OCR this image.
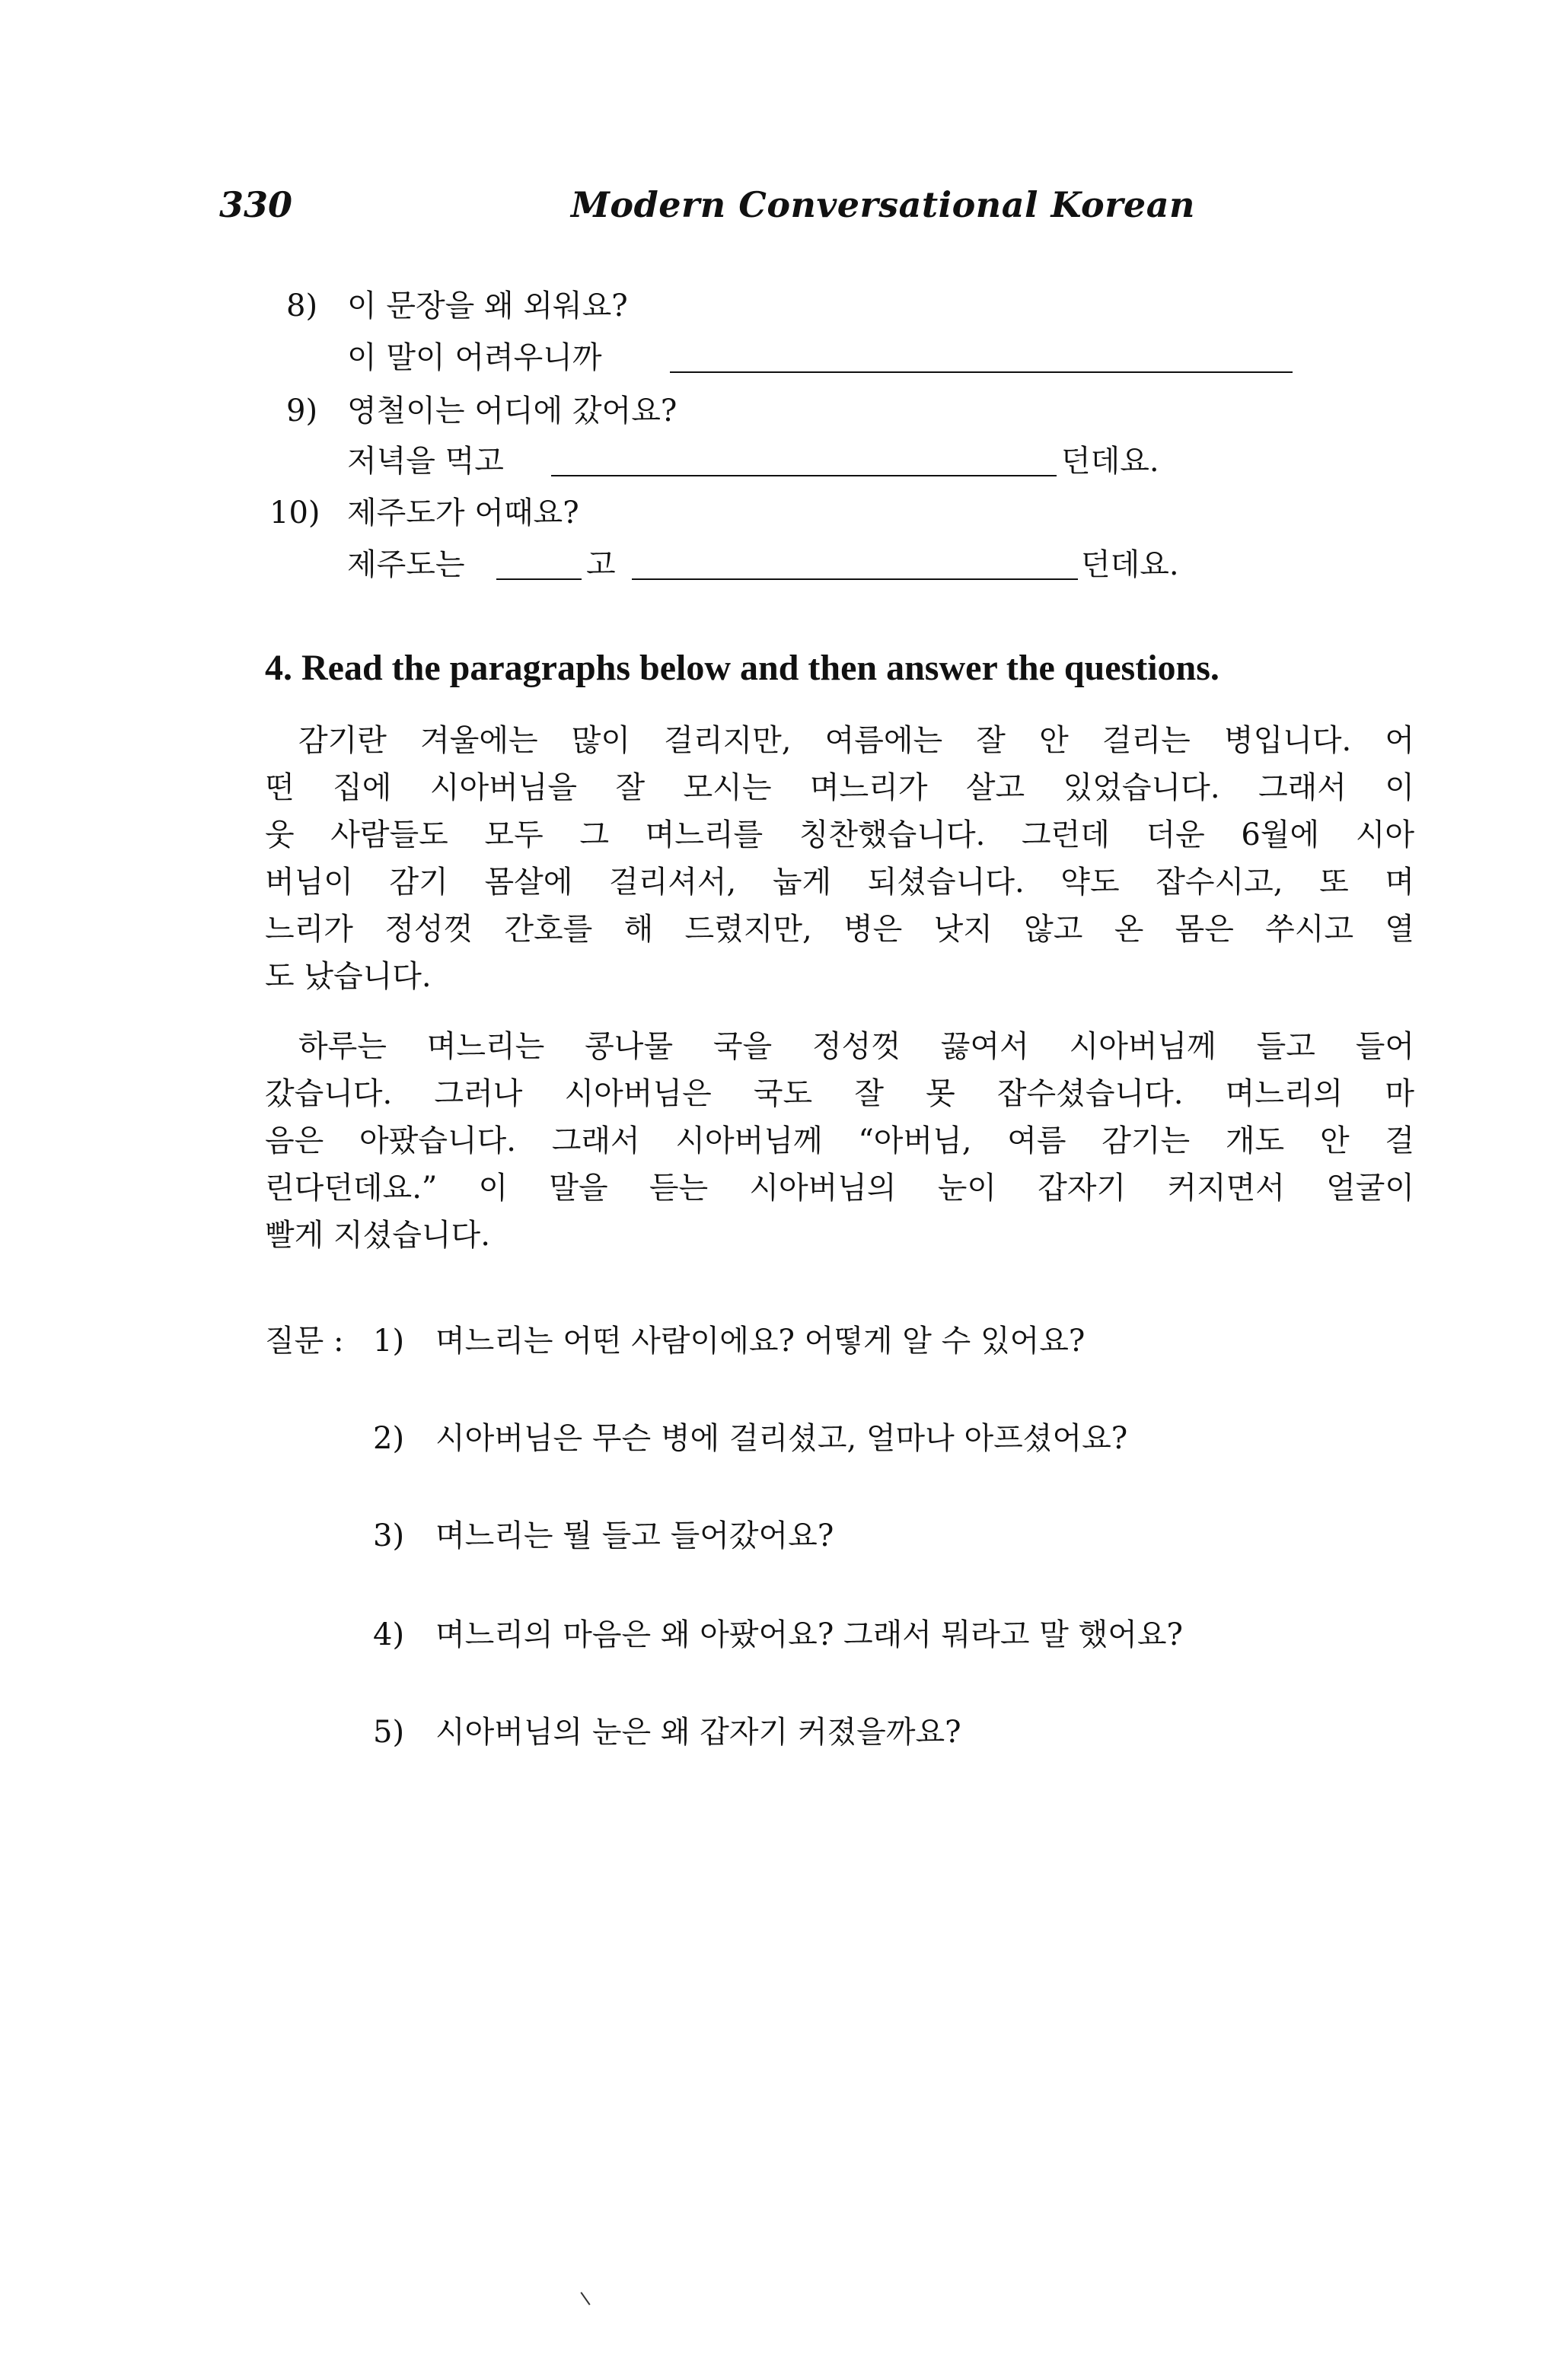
330	Modern Conversational Korean
8) 이 문장을 왜 외워요?
이 말이 어려우니까
9) 영철이는 어디에 갔어요?
저녁을 먹고	던데요.
10) 제주도가 어때요?
제주도는	고	던데요.
4. Read the paragraphs below and then answer the questions.
감기란 겨울에는 많이 걸리지만, 여름에는 잘 안 걸리는 병입니다. 어
떤 집에 시아버님을 잘 모시는 며느리가 살고 있었습니다. 그래서 이
웃 사람들도 모두 그 며느리를 칭찬했습니다. 그런데 더운 6월에 시아
버님이 감기 몸살에 걸리셔서, 눕게 되셨습니다. 약도 잡수시고, 또 며
느리가 정성껏 간호를 해 드렸지만, 병은 낫지 않고 온 몸은 쑤시고 열
도 났습니다.
하루는 며느리는 콩나물 국을 정성껏 끓여서 시아버님께 들고 들어
갔습니다. 그러나 시아버님은 국도 잘 못 잡수셨습니다. 며느리의 마
음은 아팠습니다. 그래서 시아버님께 “아버님, 여름 감기는 개도 안 걸
린다던데요.” 이 말을 듣는 시아버님의 눈이 갑자기 커지면서 얼굴이
빨게 지셨습니다.
질문 : 1) 며느리는 어떤 사람이에요? 어떻게 알 수 있어요?
2) 시아버님은 무슨 병에 걸리셨고, 얼마나 아프셨어요?
3) 며느리는 뭘 들고 들어갔어요?
4) 며느리의 마음은 왜 아팠어요? 그래서 뭐라고 말 했어요?
5) 시아버님의 눈은 왜 갑자기 커졌을까요?
